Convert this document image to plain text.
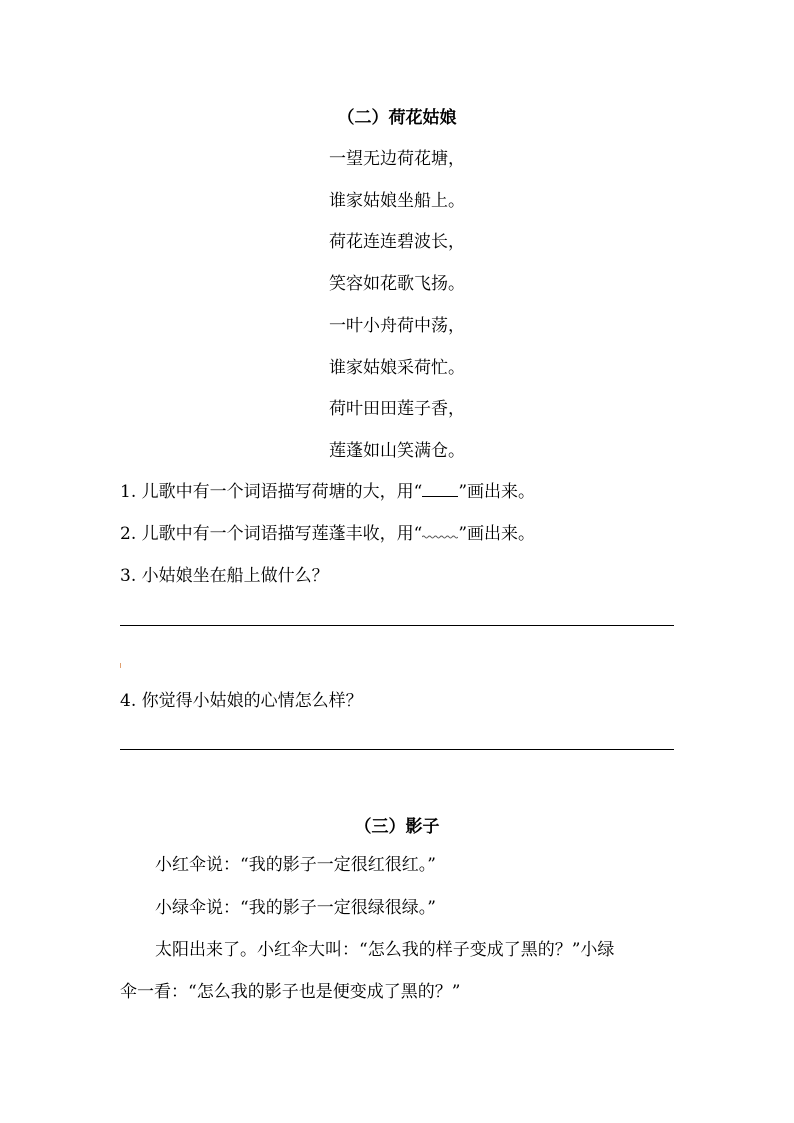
（二）荷花姑娘
一望无边荷花塘，
谁家姑娘坐船上。
荷花连连碧波长，
笑容如花歌飞扬。
一叶小舟荷中荡，
谁家姑娘采荷忙。
荷叶田田莲子香，
莲蓬如山笑满仓。
1. 儿歌中有一个词语描写荷塘的大，用“ ”画出来。
2. 儿歌中有一个词语描写莲蓬丰收，用“ ”画出来。
3. 小姑娘坐在船上做什么？
4. 你觉得小姑娘的心情怎么样？
（三）影子
小红伞说：“我的影子一定很红很红。”
小绿伞说：“我的影子一定很绿很绿。”
太阳出来了。小红伞大叫：“怎么我的样子变成了黑的？”小绿
伞一看：“怎么我的影子也是便变成了黑的？”
